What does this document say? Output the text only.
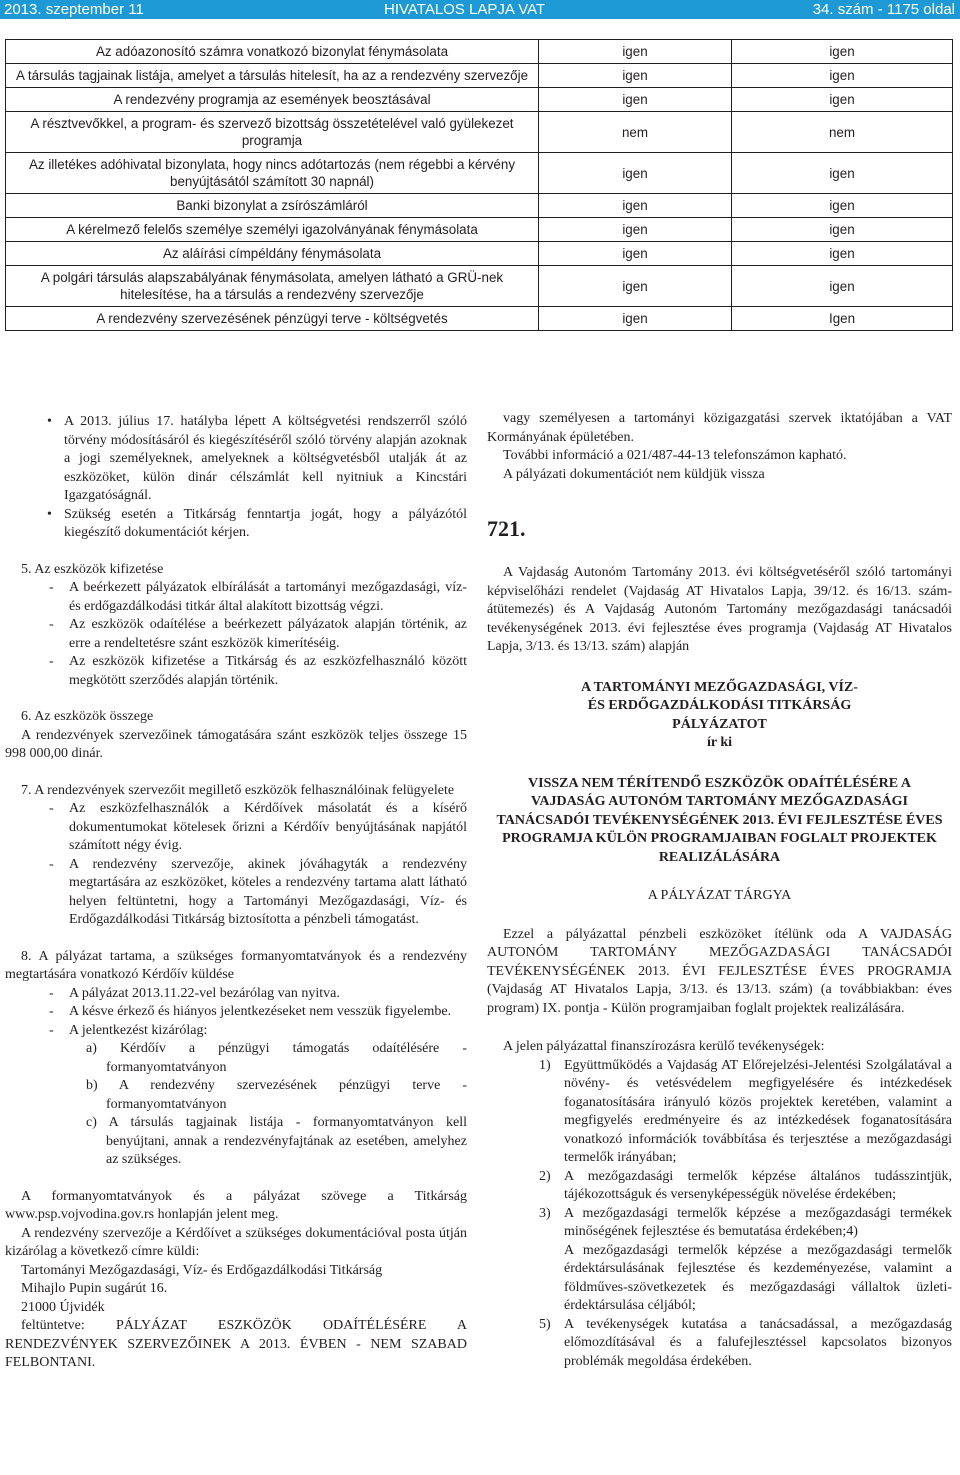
2013. szeptember 11	HIVATALOS LAPJA VAT	34. szám - 1175 oldal
Az adóazonosító számra vonatkozó bizonylat fénymásolata	igen	igen
A társulás tagjainak listája, amelyet a társulás hitelesít, ha az a rendezvény szervezője	igen	igen
A rendezvény programja az események beosztásával	igen	igen
A résztvevőkkel, a program- és szervező bizottság összetételével való gyülekezet programja	nem	nem
Az illetékes adóhivatal bizonylata, hogy nincs adótartozás (nem régebbi a kérvény benyújtásától számított 30 napnál)	igen	igen
Banki bizonylat a zsírószámláról	igen	igen
A kérelmező felelős személye személyi igazolványának fénymásolata	igen	igen
Az aláírási címpéldány fénymásolata	igen	igen
A polgári társulás alapszabályának fénymásolata, amelyen látható a GRÜ-nek hitelesítése, ha a társulás a rendezvény szervezője	igen	igen
A rendezvény szervezésének pénzügyi terve - költségvetés	igen	Igen

• A 2013. július 17. hatályba lépett A költségvetési rendszerről szóló törvény módosításáról és kiegészítéséről szóló törvény alapján azoknak a jogi személyeknek, amelyeknek a költségvetésből utalják át az eszközöket, külön dinár célszámlát kell nyitniuk a Kincstári Igazgatóságnál.

• Szükség esetén a Titkárság fenntartja jogát, hogy a pályázótól kiegészítő dokumentációt kérjen.

5. Az eszközök kifizetése

- A beérkezett pályázatok elbírálását a tartományi mezőgazdasági, víz- és erdőgazdálkodási titkár által alakított bizottság végzi.

- Az eszközök odaítélése a beérkezett pályázatok alapján történik, az erre a rendeltetésre szánt eszközök kimerítéséig.

- Az eszközök kifizetése a Titkárság és az eszközfelhasználó között megkötött szerződés alapján történik.

6. Az eszközök összege

A rendezvények szervezőinek támogatására szánt eszközök teljes összege 15 998 000,00 dinár.

7. A rendezvények szervezőit megillető eszközök felhasználóinak felügyelete

- Az eszközfelhasználók a Kérdőívek másolatát és a kísérő dokumentumokat kötelesek őrizni a Kérdőív benyújtásának napjától számított négy évig.

- A rendezvény szervezője, akinek jóváhagyták a rendezvény megtartására az eszközöket, köteles a rendezvény tartama alatt látható helyen feltüntetni, hogy a Tartományi Mezőgazdasági, Víz- és Erdőgazdálkodási Titkárság biztosította a pénzbeli támogatást.

8. A pályázat tartama, a szükséges formanyomtatványok és a rendezvény megtartására vonatkozó Kérdőív küldése

- A pályázat 2013.11.22-vel bezárólag van nyitva.

- A késve érkező és hiányos jelentkezéseket nem vesszük figyelembe.

- A jelentkezést kizárólag:

a) Kérdőív a pénzügyi támogatás odaítélésére - formanyomtatványon

b) A rendezvény szervezésének pénzügyi terve - formanyomtatványon

c) A társulás tagjainak listája - formanyomtatványon kell benyújtani, annak a rendezvényfajtának az esetében, amelyhez az szükséges.

A formanyomtatványok és a pályázat szövege a Titkárság www.psp.vojvodina.gov.rs honlapján jelent meg.

A rendezvény szervezője a Kérdőívet a szükséges dokumentációval posta útján kizárólag a következő címre küldi:

Tartományi Mezőgazdasági, Víz- és Erdőgazdálkodási Titkárság

Mihajlo Pupin sugárút 16.

21000 Újvidék

feltüntetve: PÁLYÁZAT ESZKÖZÖK ODAÍTÉLÉSÉRE A RENDEZVÉNYEK SZERVEZŐINEK A 2013. ÉVBEN - NEM SZABAD FELBONTANI.

vagy személyesen a tartományi közigazgatási szervek iktatójában a VAT Kormányának épületében.

További információ a 021/487-44-13 telefonszámon kapható.

A pályázati dokumentációt nem küldjük vissza

721.

A Vajdaság Autonóm Tartomány 2013. évi költségvetéséről szóló tartományi képviselőházi rendelet (Vajdaság AT Hivatalos Lapja, 39/12. és 16/13. szám-átütemezés) és A Vajdaság Autonóm Tartomány mezőgazdasági tanácsadói tevékenységének 2013. évi fejlesztése éves programja (Vajdaság AT Hivatalos Lapja, 3/13. és 13/13. szám) alapján

A TARTOMÁNYI MEZŐGAZDASÁGI, VÍZ-

ÉS ERDŐGAZDÁLKODÁSI TITKÁRSÁG

PÁLYÁZATOT

ír ki

VISSZA NEM TÉRÍTENDŐ ESZKÖZÖK ODAÍTÉLÉSÉRE A VAJDASÁG AUTONÓM TARTOMÁNY MEZŐGAZDASÁGI TANÁCSADÓI TEVÉKENYSÉGÉNEK 2013. ÉVI FEJLESZTÉSE ÉVES PROGRAMJA KÜLÖN PROGRAMJAIBAN FOGLALT PROJEKTEK REALIZÁLÁSÁRA

A PÁLYÁZAT TÁRGYA

Ezzel a pályázattal pénzbeli eszközöket ítélünk oda A VAJDASÁG AUTONÓM TARTOMÁNY MEZŐGAZDASÁGI TANÁCSADÓI TEVÉKENYSÉGÉNEK 2013. ÉVI FEJLESZTÉSE ÉVES PROGRAMJA (Vajdaság AT Hivatalos Lapja, 3/13. és 13/13. szám) (a továbbiakban: éves program) IX. pontja - Külön programjaiban foglalt projektek realizálására.

A jelen pályázattal finanszírozásra kerülő tevékenységek:

1) Együttműködés a Vajdaság AT Előrejelzési-Jelentési Szolgálatával a növény- és vetésvédelem megfigyelésére és intézkedések foganatosítására irányuló közös projektek keretében, valamint a megfigyelés eredményeire és az intézkedések foganatosítására vonatkozó információk továbbítása és terjesztése a mezőgazdasági termelők irányában;
2) A mezőgazdasági termelők képzése általános tudásszintjük, tájékozottságuk és versenyképességük növelése érdekében;
3) A mezőgazdasági termelők képzése a mezőgazdasági termékek minőségének fejlesztése és bemutatása érdekében;4)

A mezőgazdasági termelők képzése a mezőgazdasági termelők érdektársulásának fejlesztése és kezdeményezése, valamint a földműves-szövetkezetek és mezőgazdasági vállaltok üzleti-érdektársulása céljából;

5) A tevékenységek kutatása a tanácsadással, a mezőgazdaság előmozdításával és a falufejlesztéssel kapcsolatos bizonyos problémák megoldása érdekében.
